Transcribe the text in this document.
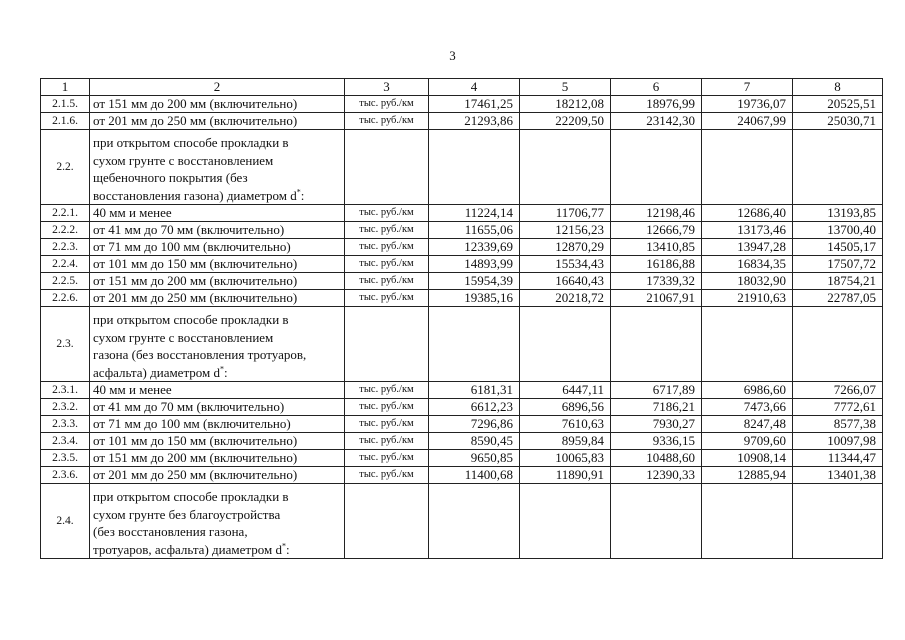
3
1	2	3	4	5	6	7	8
2.1.5.	от 151 мм до 200 мм (включительно)	тыс. руб./км	17461,25	18212,08	18976,99	19736,07	20525,51
2.1.6.	от 201 мм до 250 мм (включительно)	тыс. руб./км	21293,86	22209,50	23142,30	24067,99	25030,71
2.2.	при открытом способе прокладки в
сухом грунте с восстановлением
щебеночного покрытия (без
восстановления газона) диаметром d*:						

2.2.1.	40 мм и менее	тыс. руб./км	11224,14	11706,77	12198,46	12686,40	13193,85
2.2.2.	от 41 мм до 70 мм (включительно)	тыс. руб./км	11655,06	12156,23	12666,79	13173,46	13700,40
2.2.3.	от 71 мм до 100 мм (включительно)	тыс. руб./км	12339,69	12870,29	13410,85	13947,28	14505,17
2.2.4.	от 101 мм до 150 мм (включительно)	тыс. руб./км	14893,99	15534,43	16186,88	16834,35	17507,72
2.2.5.	от 151 мм до 200 мм (включительно)	тыс. руб./км	15954,39	16640,43	17339,32	18032,90	18754,21
2.2.6.	от 201 мм до 250 мм (включительно)	тыс. руб./км	19385,16	20218,72	21067,91	21910,63	22787,05
2.3.	при открытом способе прокладки в
сухом грунте с восстановлением
газона (без восстановления тротуаров,
асфальта) диаметром d*:						

2.3.1.	40 мм и менее	тыс. руб./км	6181,31	6447,11	6717,89	6986,60	7266,07
2.3.2.	от 41 мм до 70 мм (включительно)	тыс. руб./км	6612,23	6896,56	7186,21	7473,66	7772,61
2.3.3.	от 71 мм до 100 мм (включительно)	тыс. руб./км	7296,86	7610,63	7930,27	8247,48	8577,38
2.3.4.	от 101 мм до 150 мм (включительно)	тыс. руб./км	8590,45	8959,84	9336,15	9709,60	10097,98
2.3.5.	от 151 мм до 200 мм (включительно)	тыс. руб./км	9650,85	10065,83	10488,60	10908,14	11344,47
2.3.6.	от 201 мм до 250 мм (включительно)	тыс. руб./км	11400,68	11890,91	12390,33	12885,94	13401,38
2.4.	при открытом способе прокладки в
сухом грунте без благоустройства
(без восстановления газона,
тротуаров, асфальта) диаметром d*:						
